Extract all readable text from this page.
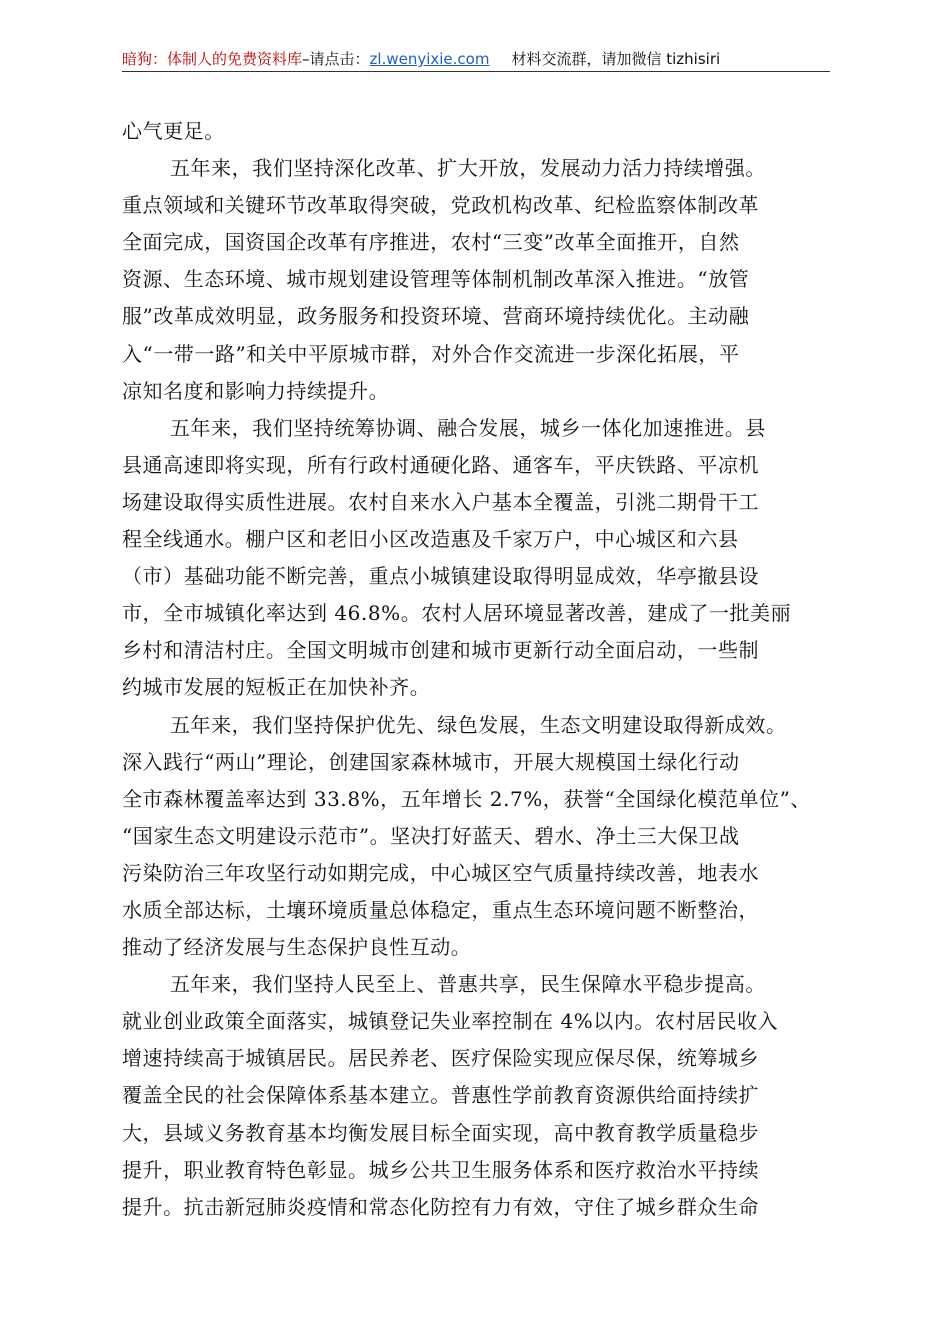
暗狗：体制人的免费资料库–请点击：zl.wenyixie.com 材料交流群，请加微信 tizhisiri
心气更足。
五年来，我们坚持深化改革、扩大开放，发展动力活力持续增强。
重点领域和关键环节改革取得突破，党政机构改革、纪检监察体制改革
全面完成，国资国企改革有序推进，农村“三变”改革全面推开，自然
资源、生态环境、城市规划建设管理等体制机制改革深入推进。“放管
服”改革成效明显，政务服务和投资环境、营商环境持续优化。主动融
入“一带一路”和关中平原城市群，对外合作交流进一步深化拓展，平
凉知名度和影响力持续提升。
五年来，我们坚持统筹协调、融合发展，城乡一体化加速推进。县
县通高速即将实现，所有行政村通硬化路、通客车，平庆铁路、平凉机
场建设取得实质性进展。农村自来水入户基本全覆盖，引洮二期骨干工
程全线通水。棚户区和老旧小区改造惠及千家万户，中心城区和六县
（市）基础功能不断完善，重点小城镇建设取得明显成效，华亭撤县设
市，全市城镇化率达到 46.8%。农村人居环境显著改善，建成了一批美丽
乡村和清洁村庄。全国文明城市创建和城市更新行动全面启动，一些制
约城市发展的短板正在加快补齐。
五年来，我们坚持保护优先、绿色发展，生态文明建设取得新成效。
深入践行“两山”理论，创建国家森林城市，开展大规模国土绿化行动
全市森林覆盖率达到 33.8%，五年增长 2.7%，获誉“全国绿化模范单位”、
“国家生态文明建设示范市”。坚决打好蓝天、碧水、净土三大保卫战
污染防治三年攻坚行动如期完成，中心城区空气质量持续改善，地表水
水质全部达标，土壤环境质量总体稳定，重点生态环境问题不断整治，
推动了经济发展与生态保护良性互动。
五年来，我们坚持人民至上、普惠共享，民生保障水平稳步提高。
就业创业政策全面落实，城镇登记失业率控制在 4%以内。农村居民收入
增速持续高于城镇居民。居民养老、医疗保险实现应保尽保，统筹城乡
覆盖全民的社会保障体系基本建立。普惠性学前教育资源供给面持续扩
大，县域义务教育基本均衡发展目标全面实现，高中教育教学质量稳步
提升，职业教育特色彰显。城乡公共卫生服务体系和医疗救治水平持续
提升。抗击新冠肺炎疫情和常态化防控有力有效，守住了城乡群众生命
